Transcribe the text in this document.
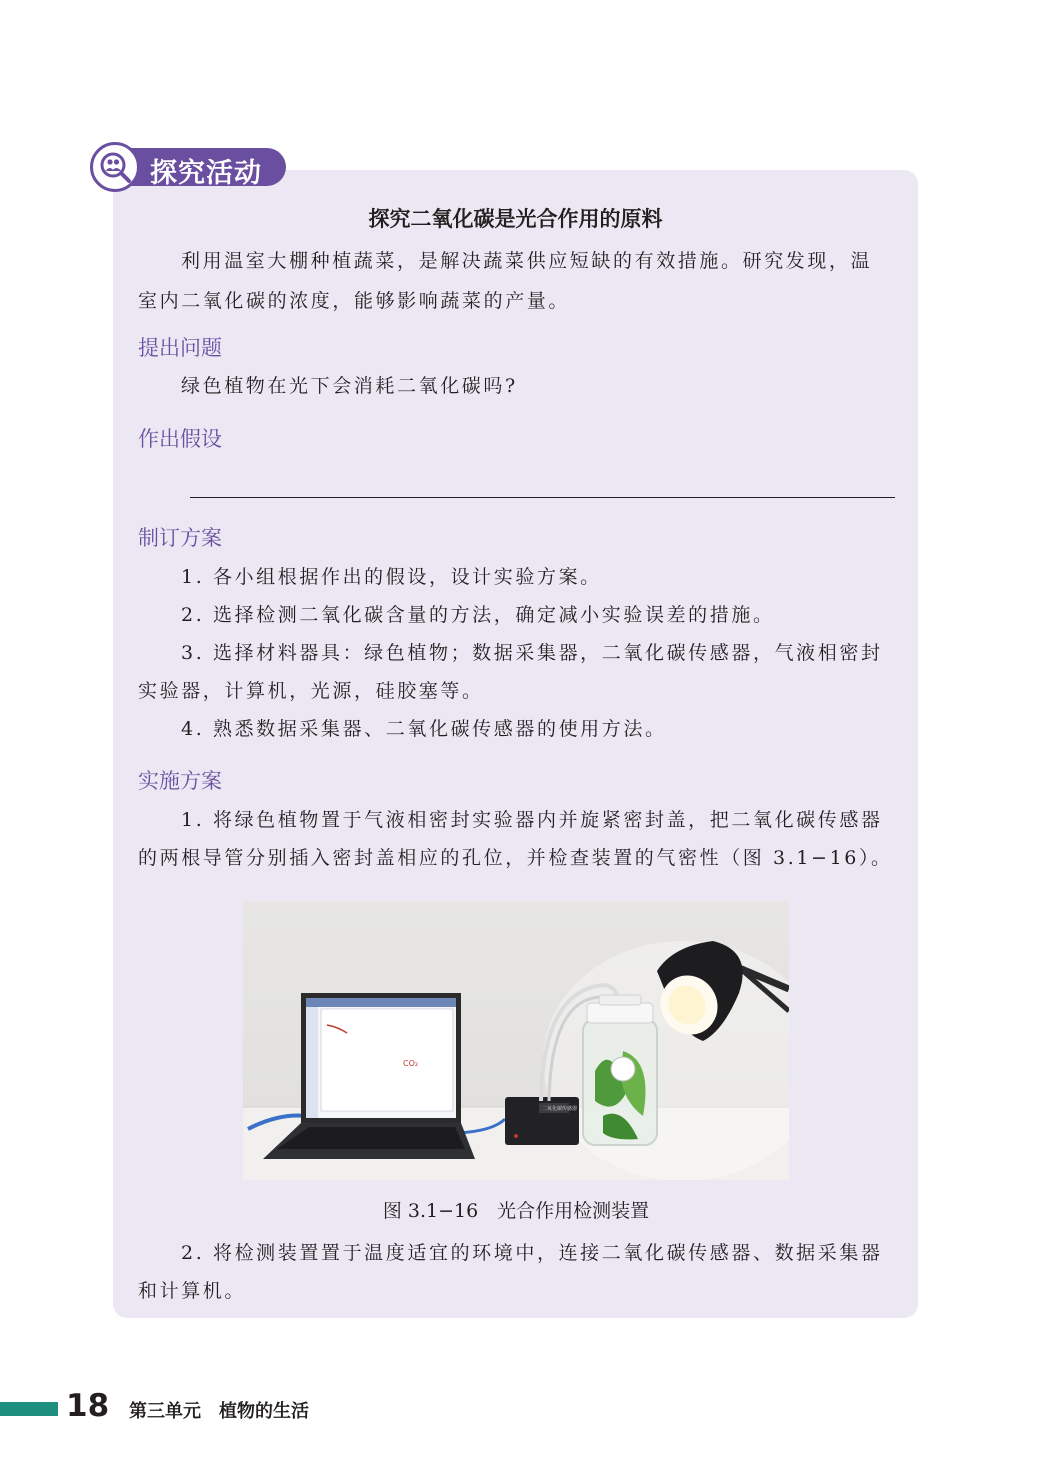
探究活动
探究二氧化碳是光合作用的原料
利用温室大棚种植蔬菜，是解决蔬菜供应短缺的有效措施。研究发现，温
室内二氧化碳的浓度，能够影响蔬菜的产量。
提出问题
绿色植物在光下会消耗二氧化碳吗?
作出假设
制订方案
1. 各小组根据作出的假设，设计实验方案。
2. 选择检测二氧化碳含量的方法，确定减小实验误差的措施。
3. 选择材料器具：绿色植物；数据采集器，二氧化碳传感器，气液相密封
实验器，计算机，光源，硅胶塞等。
4. 熟悉数据采集器、二氧化碳传感器的使用方法。
实施方案
1. 将绿色植物置于气液相密封实验器内并旋紧密封盖，把二氧化碳传感器
的两根导管分别插入密封盖相应的孔位，并检查装置的气密性（图 3.1−16）。
CO₂
二氧化碳传感器
图 3.1−16　光合作用检测装置
2. 将检测装置置于温度适宜的环境中，连接二氧化碳传感器、数据采集器
和计算机。
18 第三单元　植物的生活
